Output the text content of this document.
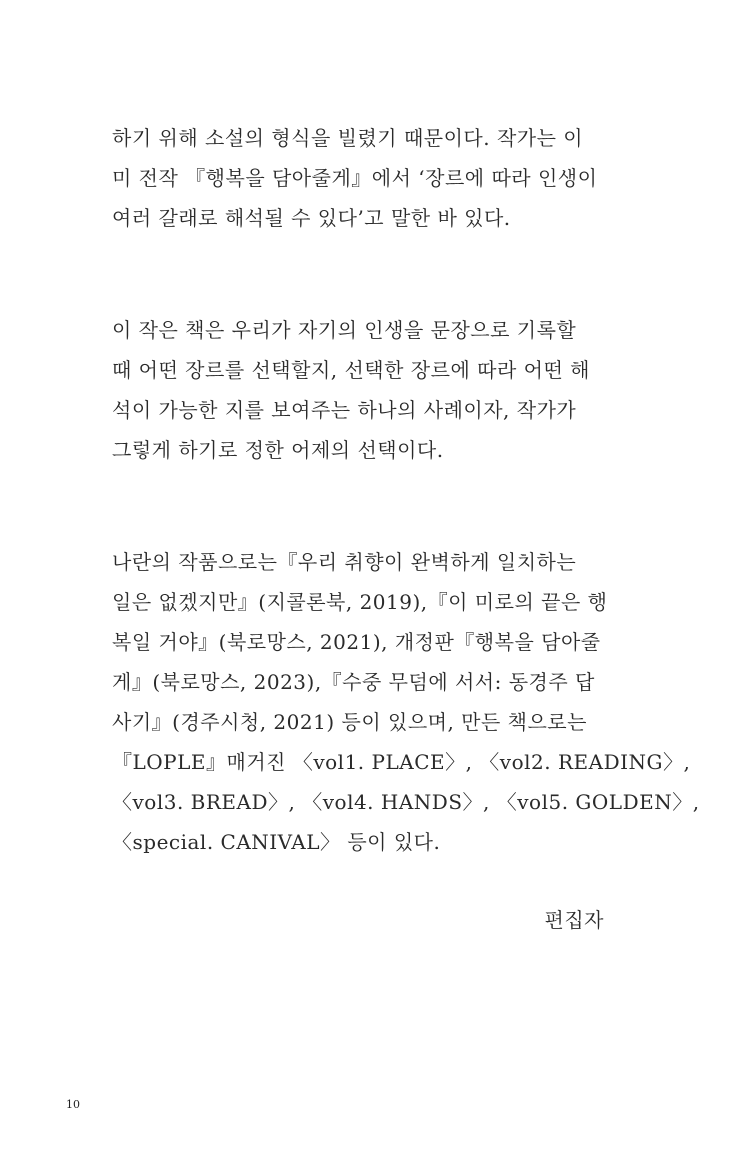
하기 위해 소설의 형식을 빌렸기 때문이다. 작가는 이
미 전작 『행복을 담아줄게』에서 ‘장르에 따라 인생이
여러 갈래로 해석될 수 있다’고 말한 바 있다.
이 작은 책은 우리가 자기의 인생을 문장으로 기록할
때 어떤 장르를 선택할지, 선택한 장르에 따라 어떤 해
석이 가능한 지를 보여주는 하나의 사례이자, 작가가
그렇게 하기로 정한 어제의 선택이다.
나란의 작품으로는『우리 취향이 완벽하게 일치하는
일은 없겠지만』(지콜론북, 2019),『이 미로의 끝은 행
복일 거야』(북로망스, 2021), 개정판『행복을 담아줄
게』(북로망스, 2023),『수중 무덤에 서서: 동경주 답
사기』(경주시청, 2021) 등이 있으며, 만든 책으로는
『LOPLE』매거진 〈vol1. PLACE〉, 〈vol2. READING〉,
〈vol3. BREAD〉, 〈vol4. HANDS〉, 〈vol5. GOLDEN〉,
〈special. CANIVAL〉 등이 있다.
편집자
10
